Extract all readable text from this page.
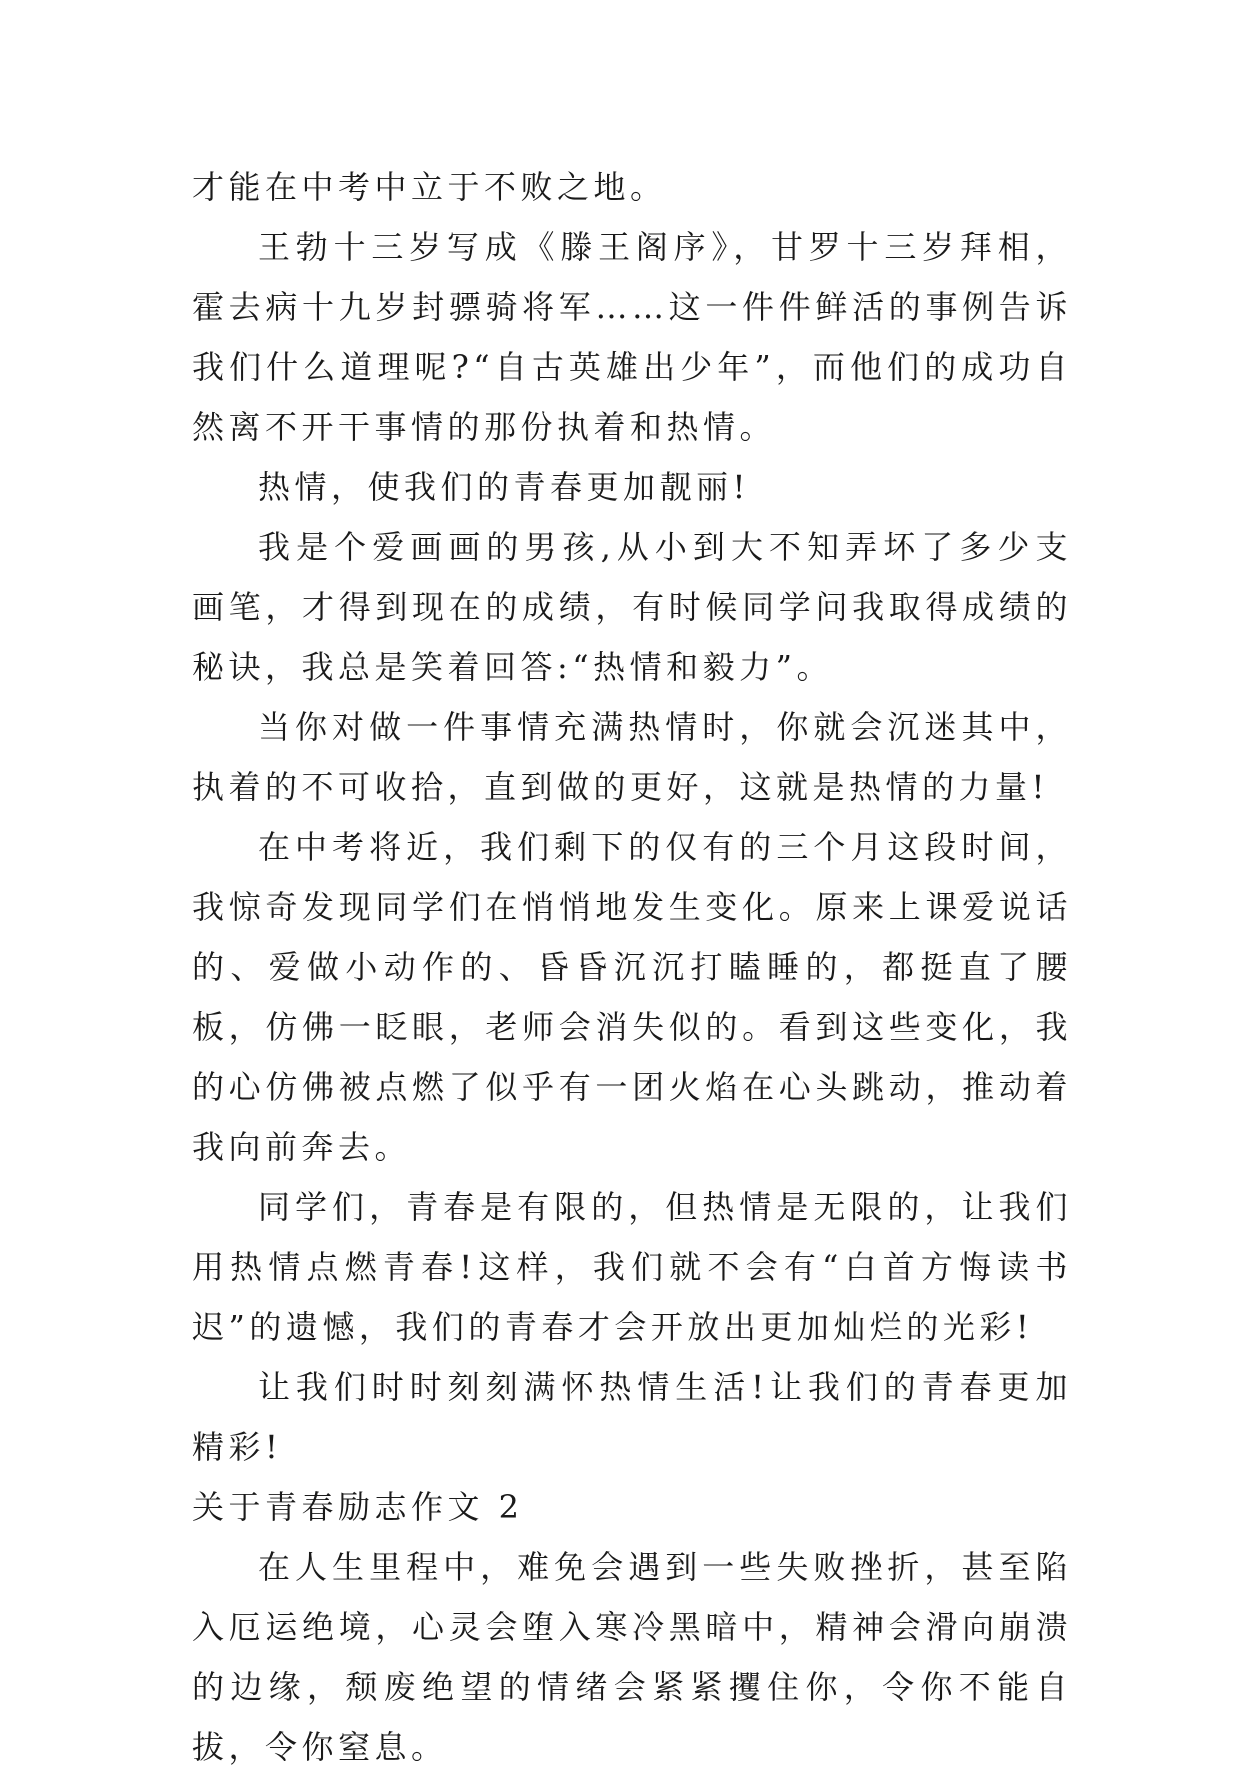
才能在中考中立于不败之地。

王勃十三岁写成《滕王阁序》，甘罗十三岁拜相，霍去病十九岁封骠骑将军……这一件件鲜活的事例告诉我们什么道理呢?“自古英雄出少年”，而他们的成功自然离不开干事情的那份执着和热情。

热情，使我们的青春更加靓丽!

我是个爱画画的男孩,从小到大不知弄坏了多少支画笔，才得到现在的成绩，有时候同学问我取得成绩的秘诀，我总是笑着回答:“热情和毅力”。

当你对做一件事情充满热情时，你就会沉迷其中，执着的不可收拾，直到做的更好，这就是热情的力量!

在中考将近，我们剩下的仅有的三个月这段时间，我惊奇发现同学们在悄悄地发生变化。原来上课爱说话的、爱做小动作的、昏昏沉沉打瞌睡的，都挺直了腰板，仿佛一眨眼，老师会消失似的。看到这些变化，我的心仿佛被点燃了似乎有一团火焰在心头跳动，推动着我向前奔去。

同学们，青春是有限的，但热情是无限的，让我们用热情点燃青春!这样，我们就不会有“白首方悔读书迟”的遗憾，我们的青春才会开放出更加灿烂的光彩!

让我们时时刻刻满怀热情生活!让我们的青春更加精彩!

关于青春励志作文 2

在人生里程中，难免会遇到一些失败挫折，甚至陷入厄运绝境，心灵会堕入寒冷黑暗中，精神会滑向崩溃的边缘，颓废绝望的情绪会紧紧攫住你，令你不能自拔，令你窒息。
